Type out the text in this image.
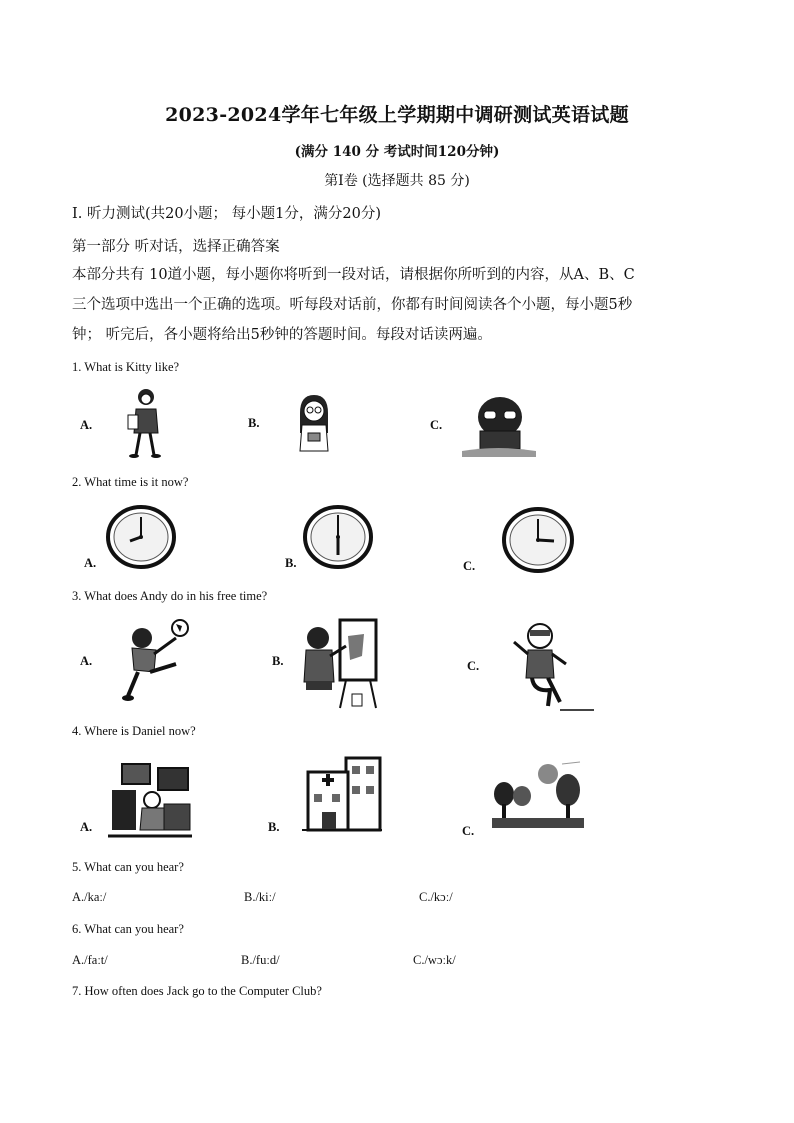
2023-2024学年七年级上学期期中调研测试英语试题
(满分 140 分 考试时间120分钟)
第Ⅰ卷 (选择题共 85 分)
Ⅰ. 听力测试(共20小题； 每小题1分，满分20分)
第一部分 听对话，选择正确答案
本部分共有 10道小题，每小题你将听到一段对话，请根据你所听到的内容，从A、B、C
三个选项中选出一个正确的选项。听每段对话前，你都有时间阅读各个小题，每小题5秒
钟； 听完后，各小题将给出5秒钟的答题时间。每段对话读两遍。
1. What is Kitty like?
A.	B.	C.
2. What time is it now?
A.	B.	C.
3. What does Andy do in his free time?
A.	B.	C.
4. Where is Daniel now?
A.	B.	C.
5. What can you hear?
A./kaː/	B./kiː/	C./kɔː/
6. What can you hear?
A./faːt/	B./fuːd/	C./wɔːk/
7. How often does Jack go to the Computer Club?
